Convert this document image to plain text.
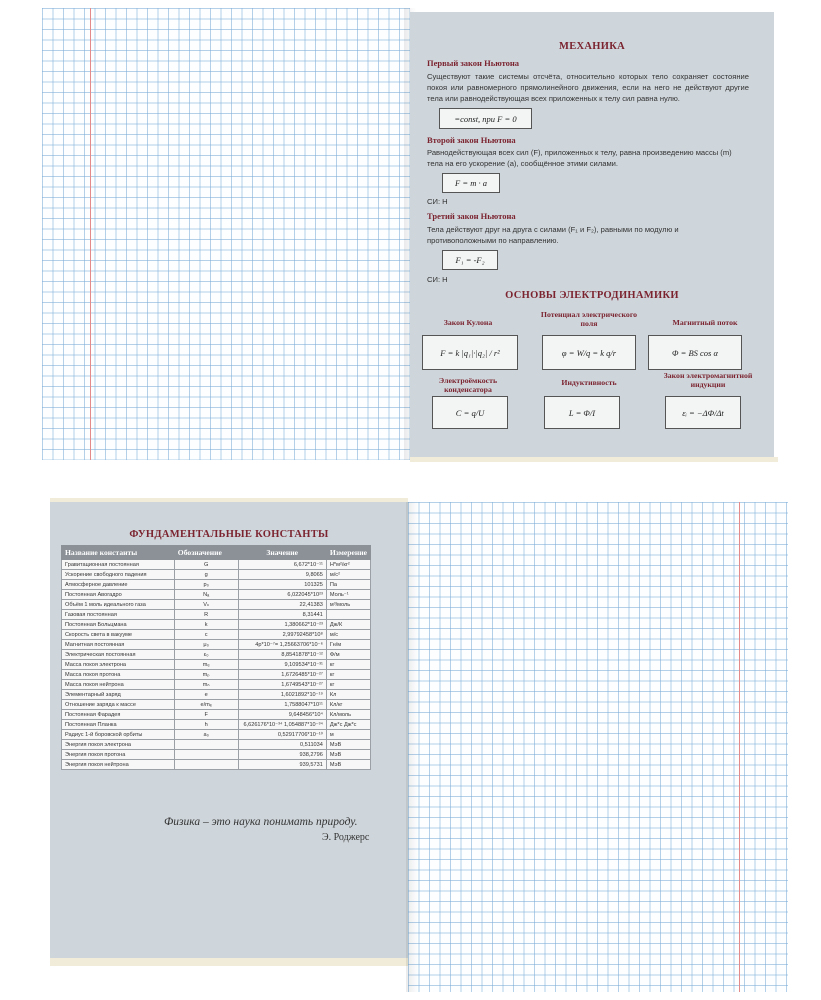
МЕХАНИКА
Первый закон Ньютона
Существуют такие системы отсчёта, относительно которых тело сохраняет состояние покоя или равномерного прямолинейного движения, если на него не действуют другие тела или равнодействующая всех приложенных к телу сил равна нулю.
=const, при F = 0
Второй закон Ньютона
Равнодействующая всех сил (F), приложенных к телу, равна произведению массы (m) тела на его ускорение (a), сообщённое этими силами.
F = m · a
СИ: Н
Третий закон Ньютона
Тела действуют друг на друга с силами (F₁ и F₂), равными по модулю и противоположными по направлению.
F₁ = -F₂
СИ: Н
ОСНОВЫ ЭЛЕКТРОДИНАМИКИ
Закон Кулона
F = k |q₁|·|q₂| / r²
Потенциал электрического поля
φ = W/q = k q/r
Магнитный поток
Φ = BS cos α
Электроёмкость конденсатора
C = q/U
Индуктивность
L = Φ/I
Закон электромагнитной индукции
εᵢ = −ΔΦ/Δt
ФУНДАМЕНТАЛЬНЫЕ КОНСТАНТЫ
Название константы	Обозначение	Значение	Измерение
Гравитационная постоянная	G	6,672*10⁻¹¹	Н*м²/кг²
Ускорение свободного падения	g	9,8065	м/с²
Атмосферное давление	p₀	101325	Па
Постоянная Авогадро	Nₐ	6,022045*10²³	Моль⁻¹
Объём 1 моль идеального газа	Vₙ	22,41383	м³/моль
Газовая постоянная	R	8,31441	
Постоянная Больцмана	k	1,380662*10⁻²³	Дж/К
Скорость света в вакууме	c	2,99792458*10⁸	м/с
Магнитная постоянная	μ₀	4p*10⁻⁷= 1,25663706*10⁻⁶	Гн/м
Электрическая постоянная	ε₀	8,8541878*10⁻¹²	Ф/м
Масса покоя электрона	mₑ	9,109534*10⁻³¹	кг
Масса покоя протона	mₚ	1,6726485*10⁻²⁷	кг
Масса покоя нейтрона	mₙ	1,6749543*10⁻²⁷	кг
Элементарный заряд	e	1,6021892*10⁻¹⁹	Кл
Отношение заряда к массе	e/mₑ	1,7588047*10¹¹	Кл/кг
Постоянная Фарадея	F	9,648456*10⁴	Кл/моль
Постоянная Планка	h	6,626176*10⁻³⁴ 1,054887*10⁻³⁴	Дж*с Дж*с
Радиус 1-й боровской орбиты	a₀	0,52917706*10⁻¹⁰	м
Энергия покоя электрона		0,511034	МэВ
Энергия покоя протона		938,2796	МэВ
Энергия покоя нейтрона		939,5731	МэВ
Физика – это наука понимать природу.
Э. Роджерс
